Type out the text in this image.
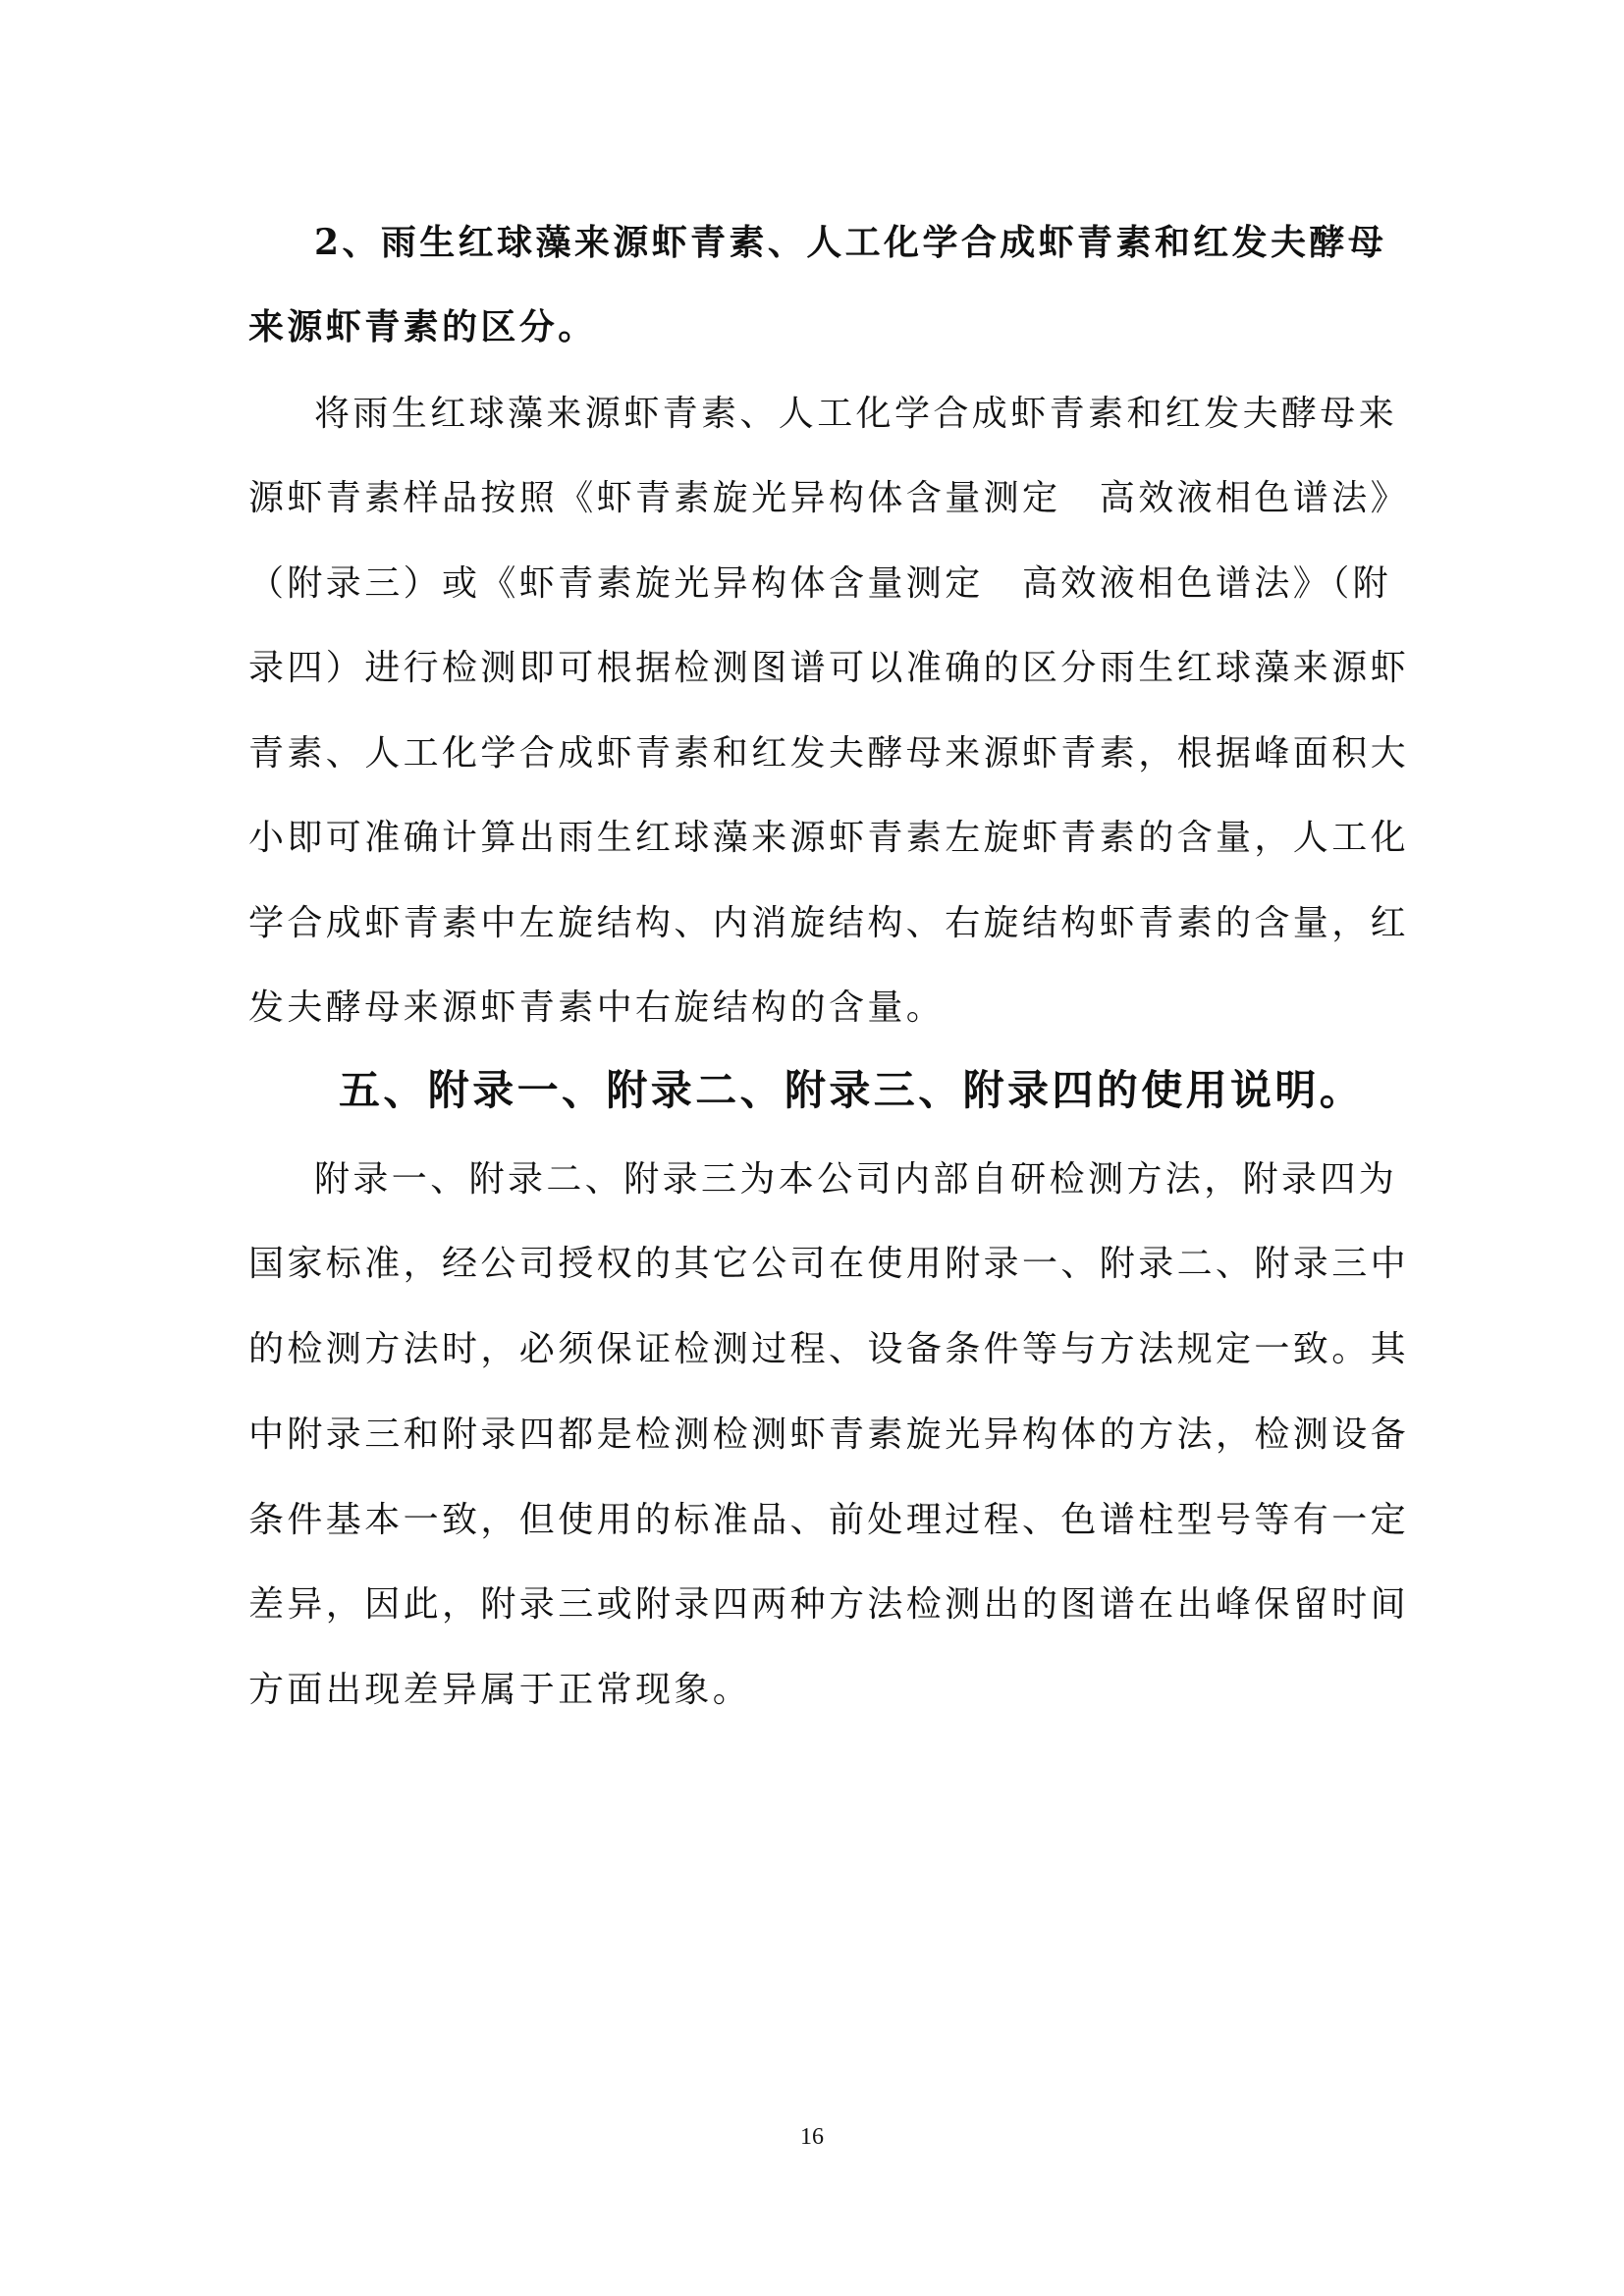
2、雨生红球藻来源虾青素、人工化学合成虾青素和红发夫酵母
来源虾青素的区分。
将雨生红球藻来源虾青素、人工化学合成虾青素和红发夫酵母来
源虾青素样品按照《虾青素旋光异构体含量测定　高效液相色谱法》
（附录三）或《虾青素旋光异构体含量测定　高效液相色谱法》（附
录四）进行检测即可根据检测图谱可以准确的区分雨生红球藻来源虾
青素、人工化学合成虾青素和红发夫酵母来源虾青素，根据峰面积大
小即可准确计算出雨生红球藻来源虾青素左旋虾青素的含量，人工化
学合成虾青素中左旋结构、内消旋结构、右旋结构虾青素的含量，红
发夫酵母来源虾青素中右旋结构的含量。
五、附录一、附录二、附录三、附录四的使用说明。
附录一、附录二、附录三为本公司内部自研检测方法，附录四为
国家标准，经公司授权的其它公司在使用附录一、附录二、附录三中
的检测方法时，必须保证检测过程、设备条件等与方法规定一致。其
中附录三和附录四都是检测检测虾青素旋光异构体的方法，检测设备
条件基本一致，但使用的标准品、前处理过程、色谱柱型号等有一定
差异，因此，附录三或附录四两种方法检测出的图谱在出峰保留时间
方面出现差异属于正常现象。
16
